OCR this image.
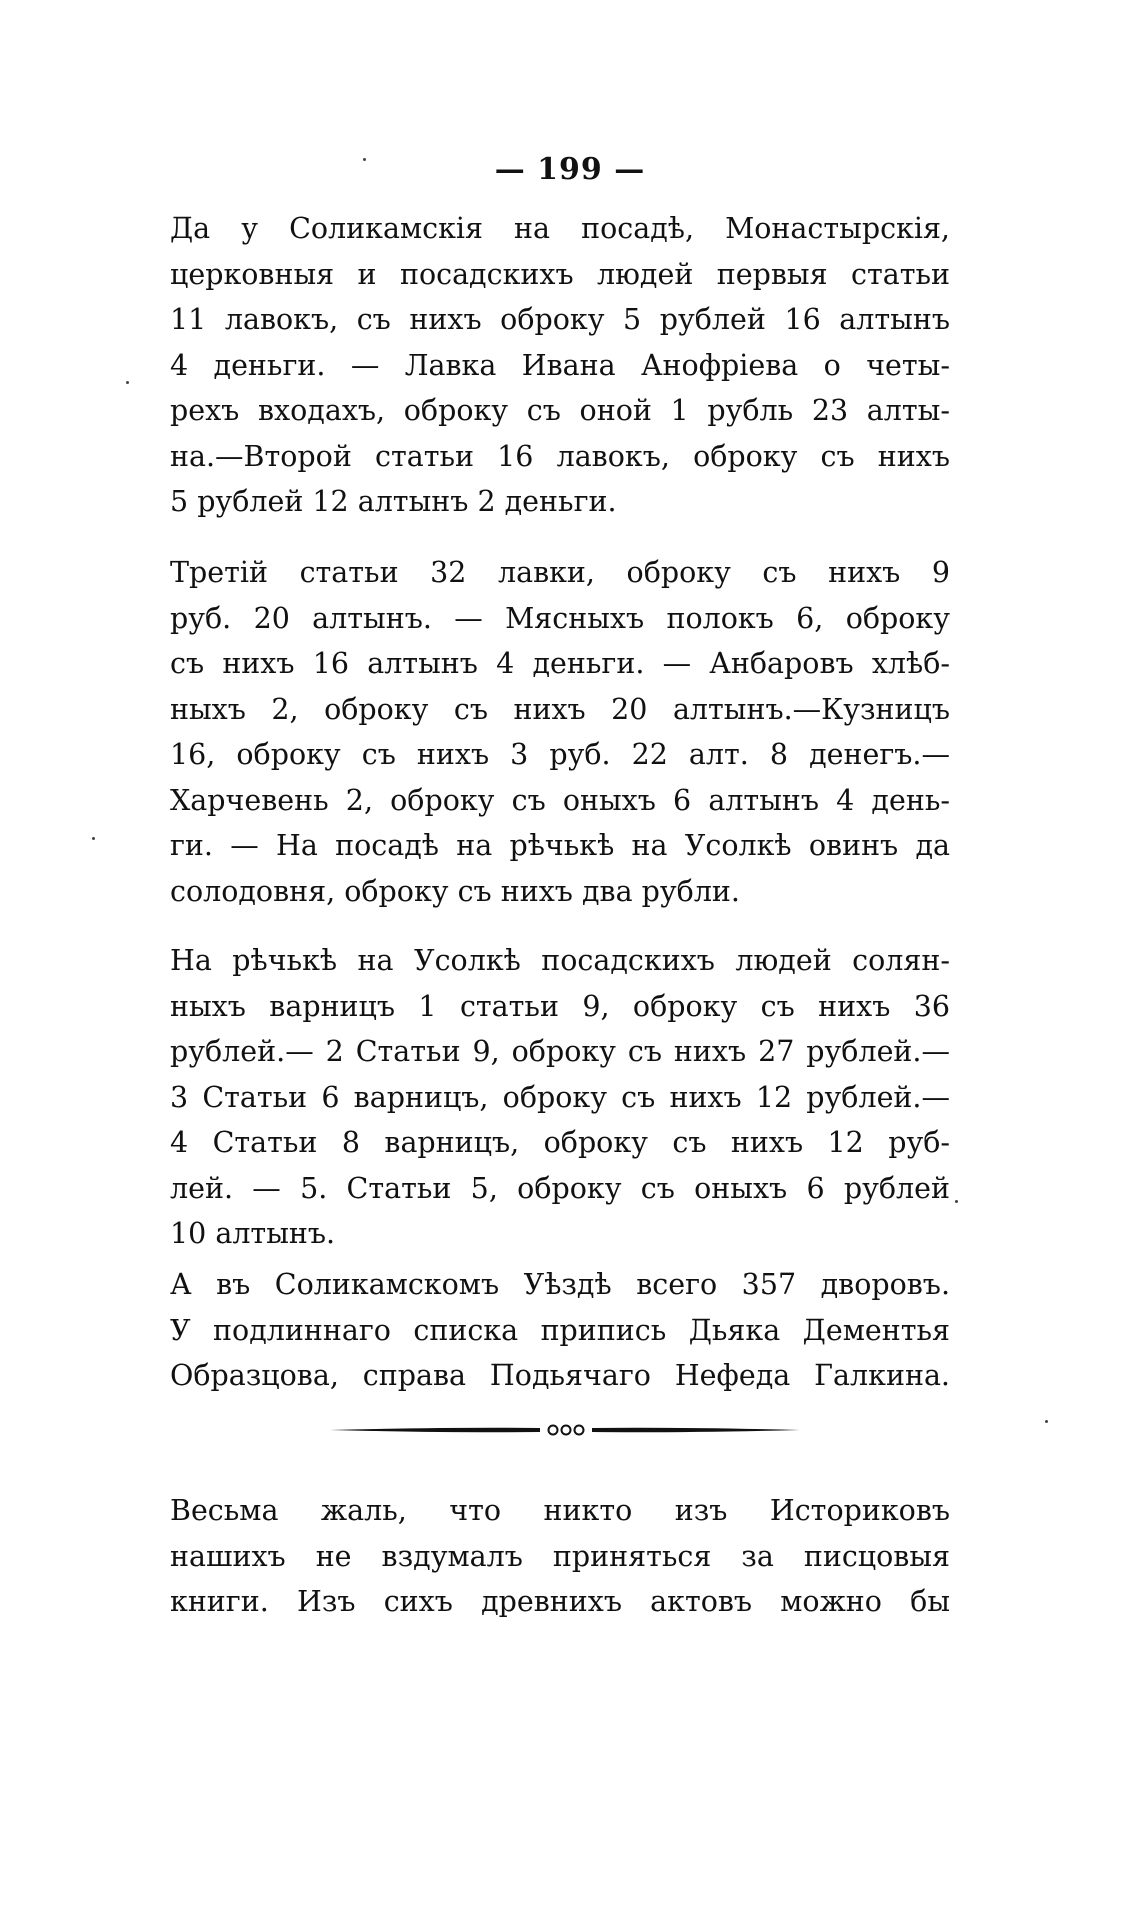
— 199 —
Да у Соликамскія на посадѣ, Монастырскія,
церковныя и посадскихъ людей первыя статьи
11 лавокъ, съ нихъ оброку 5 рублей 16 алтынъ
4 деньги. — Лавка Ивана Анофріева о четы-
рехъ входахъ, оброку съ оной 1 рубль 23 алты-
на.—Второй статьи 16 лавокъ, оброку съ нихъ
5 рублей 12 алтынъ 2 деньги.
Третій статьи 32 лавки, оброку съ нихъ 9
руб. 20 алтынъ. — Мясныхъ полокъ 6, оброку
съ нихъ 16 алтынъ 4 деньги. — Анбаровъ хлѣб-
ныхъ 2, оброку съ нихъ 20 алтынъ.—Кузницъ
16, оброку съ нихъ 3 руб. 22 алт. 8 денегъ.—
Харчевень 2, оброку съ оныхъ 6 алтынъ 4 день-
ги. — На посадѣ на рѣчькѣ на Усолкѣ овинъ да
солодовня, оброку съ нихъ два рубли.
На рѣчькѣ на Усолкѣ посадскихъ людей солян-
ныхъ варницъ 1 статьи 9, оброку съ нихъ 36
рублей.— 2 Статьи 9, оброку съ нихъ 27 рублей.—
3 Статьи 6 варницъ, оброку съ нихъ 12 рублей.—
4 Статьи 8 варницъ, оброку съ нихъ 12 руб-
лей. — 5. Статьи 5, оброку съ оныхъ 6 рублей
10 алтынъ.
А въ Соликамскомъ Уѣздѣ всего 357 дворовъ.
У подлиннаго списка припись Дьяка Дементья
Образцова, справа Подьячаго Нефеда Галкина.
Весьма жаль, что никто изъ Историковъ
нашихъ не вздумалъ приняться за писцовыя
книги. Изъ сихъ древнихъ актовъ можно бы
